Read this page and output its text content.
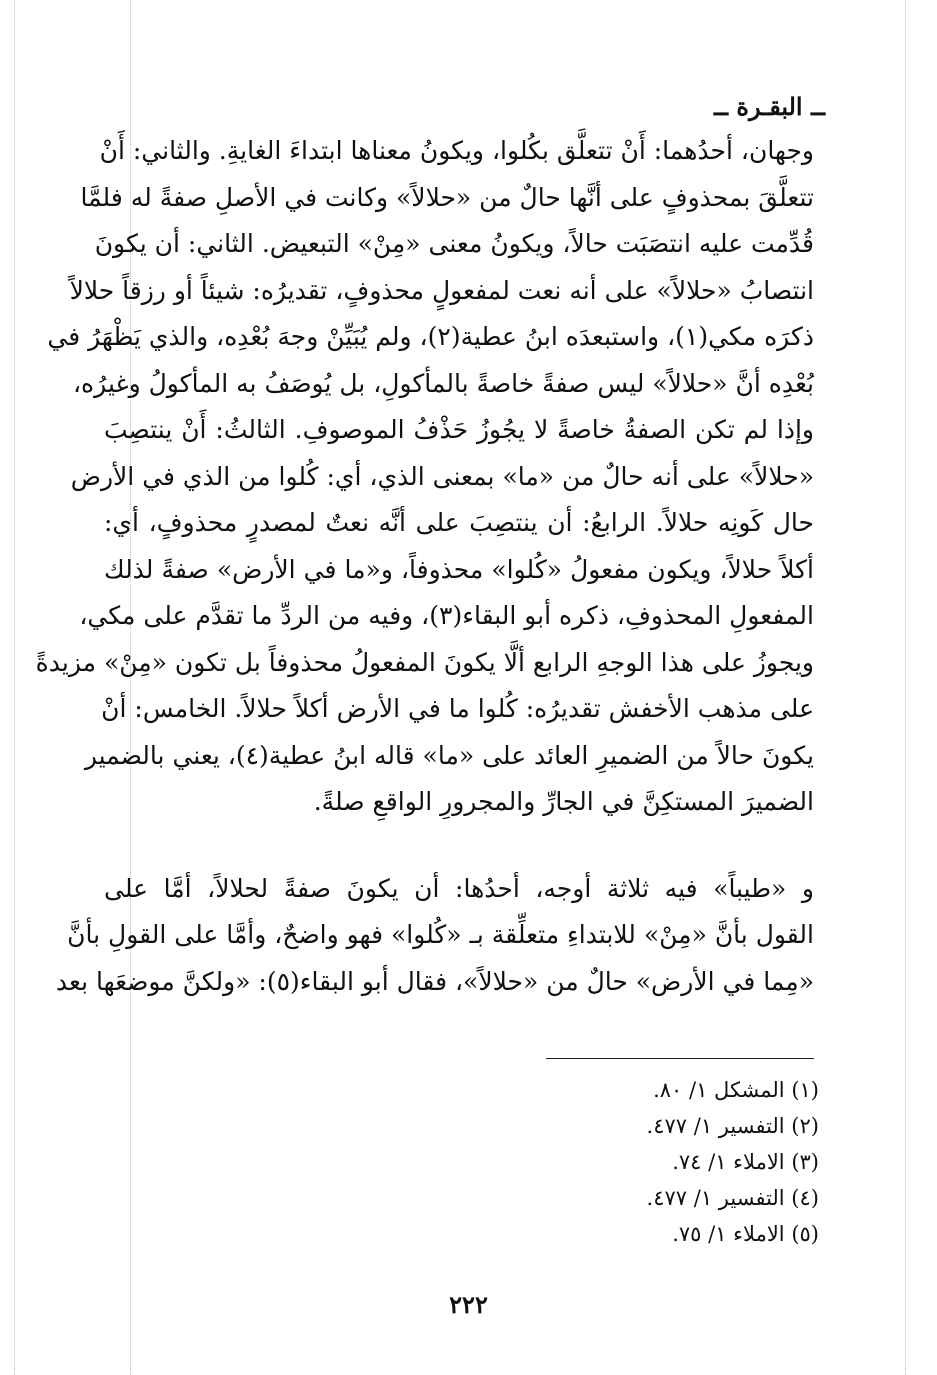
ــ البقـرة ــ
وجهان، أحدُهما: أَنْ تتعلَّق بكُلوا، ويكونُ معناها ابتداءَ الغايةِ. والثاني: أَنْ
تتعلَّقَ بمحذوفٍ على أنَّها حالٌ من «حلالاً» وكانت في الأصلِ صفةً له فلمَّا
قُدِّمت عليه انتصَبَت حالاً، ويكونُ معنى «مِنْ» التبعيض. الثاني: أن يكونَ
انتصابُ «حلالاً» على أنه نعت لمفعولٍ محذوفٍ، تقديرُه: شيئاً أو رزقاً حلالاً
ذكرَه مكي(١)، واستبعدَه ابنُ عطية(٢)، ولم يُبَيِّنْ وجهَ بُعْدِه، والذي يَظْهَرُ في
بُعْدِه أنَّ «حلالاً» ليس صفةً خاصةً بالمأكولِ، بل يُوصَفُ به المأكولُ وغيرُه،
وإذا لم تكن الصفةُ خاصةً لا يجُوزُ حَذْفُ الموصوفِ. الثالثُ: أَنْ ينتصِبَ
«حلالاً» على أنه حالٌ من «ما» بمعنى الذي، أي: كُلوا من الذي في الأرض
حال كَونِه حلالاً. الرابعُ: أن ينتصِبَ على أنَّه نعتٌ لمصدرٍ محذوفٍ، أي:
أكلاً حلالاً، ويكون مفعولُ «كُلوا» محذوفاً، و«ما في الأرض» صفةً لذلك
المفعولِ المحذوفِ، ذكره أبو البقاء(٣)، وفيه من الردِّ ما تقدَّم على مكي،
ويجوزُ على هذا الوجهِ الرابع ألَّا يكونَ المفعولُ محذوفاً بل تكون «مِنْ» مزيدةً
على مذهب الأخفش تقديرُه: كُلوا ما في الأرض أكلاً حلالاً. الخامس: أنْ
يكونَ حالاً من الضميرِ العائد على «ما» قاله ابنُ عطية(٤)، يعني بالضمير
الضميرَ المستكِنَّ في الجارِّ والمجرورِ الواقعِ صلةً.
و «طيباً» فيه ثلاثة أوجه، أحدُها: أن يكونَ صفةً لحلالاً، أمَّا على
القول بأنَّ «مِنْ» للابتداءِ متعلِّقة بـ «كُلوا» فهو واضحٌ، وأمَّا على القولِ بأنَّ
«مِما في الأرض» حالٌ من «حلالاً»، فقال أبو البقاء(٥): «ولكنَّ موضعَها بعد
(١) المشكل ١/ ٨٠.
(٢) التفسير ١/ ٤٧٧.
(٣) الاملاء ١/ ٧٤.
(٤) التفسير ١/ ٤٧٧.
(٥) الاملاء ١/ ٧٥.
٢٢٢
